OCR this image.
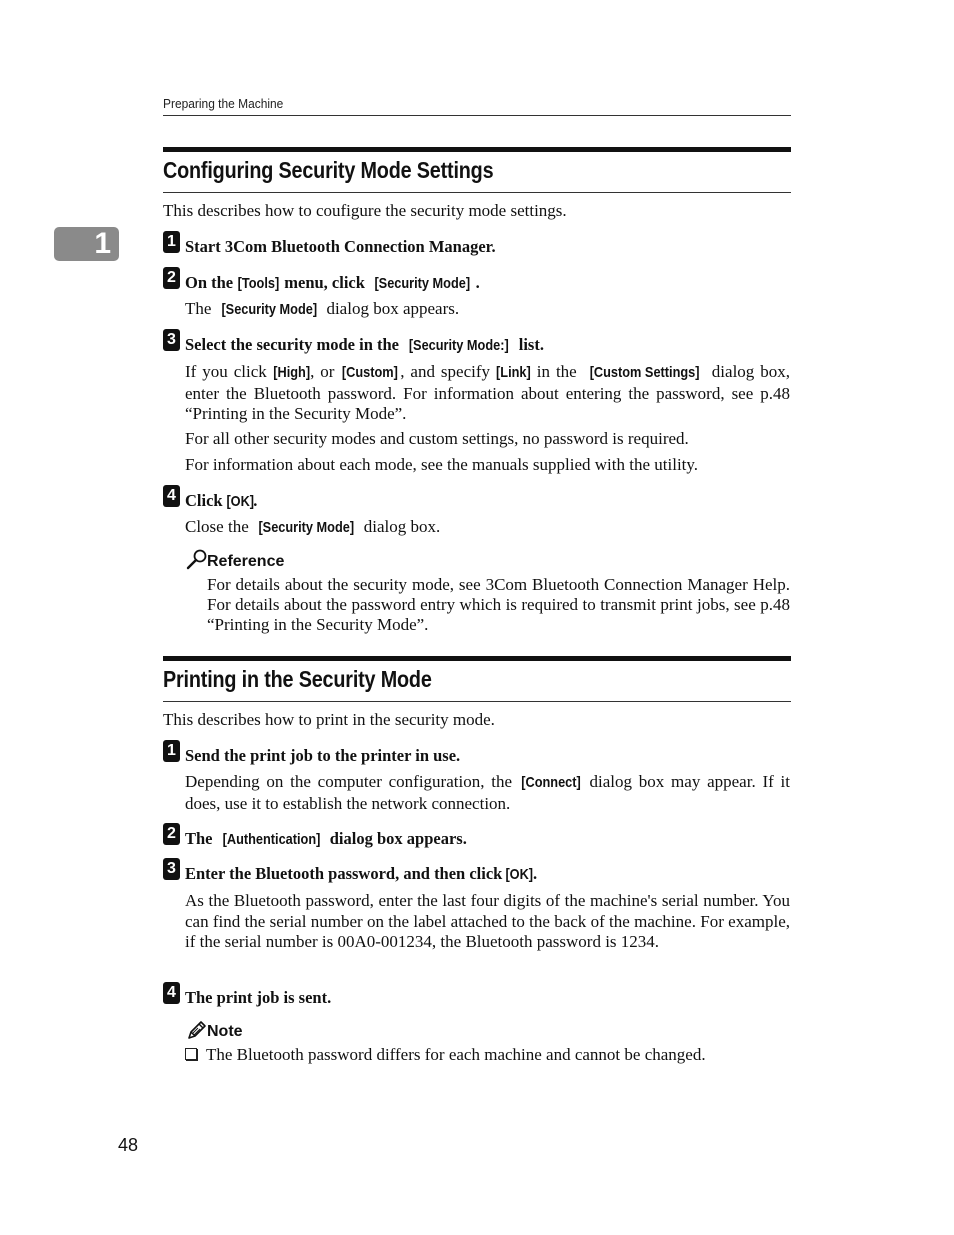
Preparing the Machine
1
Configuring Security Mode Settings
This describes how to coufigure the security mode settings.
1 Start 3Com Bluetooth Connection Manager.
2 On the [Tools] menu, click [Security Mode] .
The [Security Mode] dialog box appears.
3 Select the security mode in the [Security Mode:] list.
If you click [High], or [Custom] , and specify [Link] in the [Custom Settings] dialog box, enter the Bluetooth password. For information about entering the password, see p.48 “Printing in the Security Mode”.
For all other security modes and custom settings, no password is required.
For information about each mode, see the manuals supplied with the utility.
4 Click [OK].
Close the [Security Mode] dialog box.
Reference
For details about the security mode, see 3Com Bluetooth Connection Manager Help. For details about the password entry which is required to transmit print jobs, see p.48 “Printing in the Security Mode”.
Printing in the Security Mode
This describes how to print in the security mode.
1 Send the print job to the printer in use.
Depending on the computer configuration, the [Connect] dialog box may appear. If it does, use it to establish the network connection.
2 The [Authentication] dialog box appears.
3 Enter the Bluetooth password, and then click [OK].
As the Bluetooth password, enter the last four digits of the machine's serial number. You can find the serial number on the label attached to the back of the machine. For example, if the serial number is 00A0-001234, the Bluetooth password is 1234.
4 The print job is sent.
Note
The Bluetooth password differs for each machine and cannot be changed.
48
